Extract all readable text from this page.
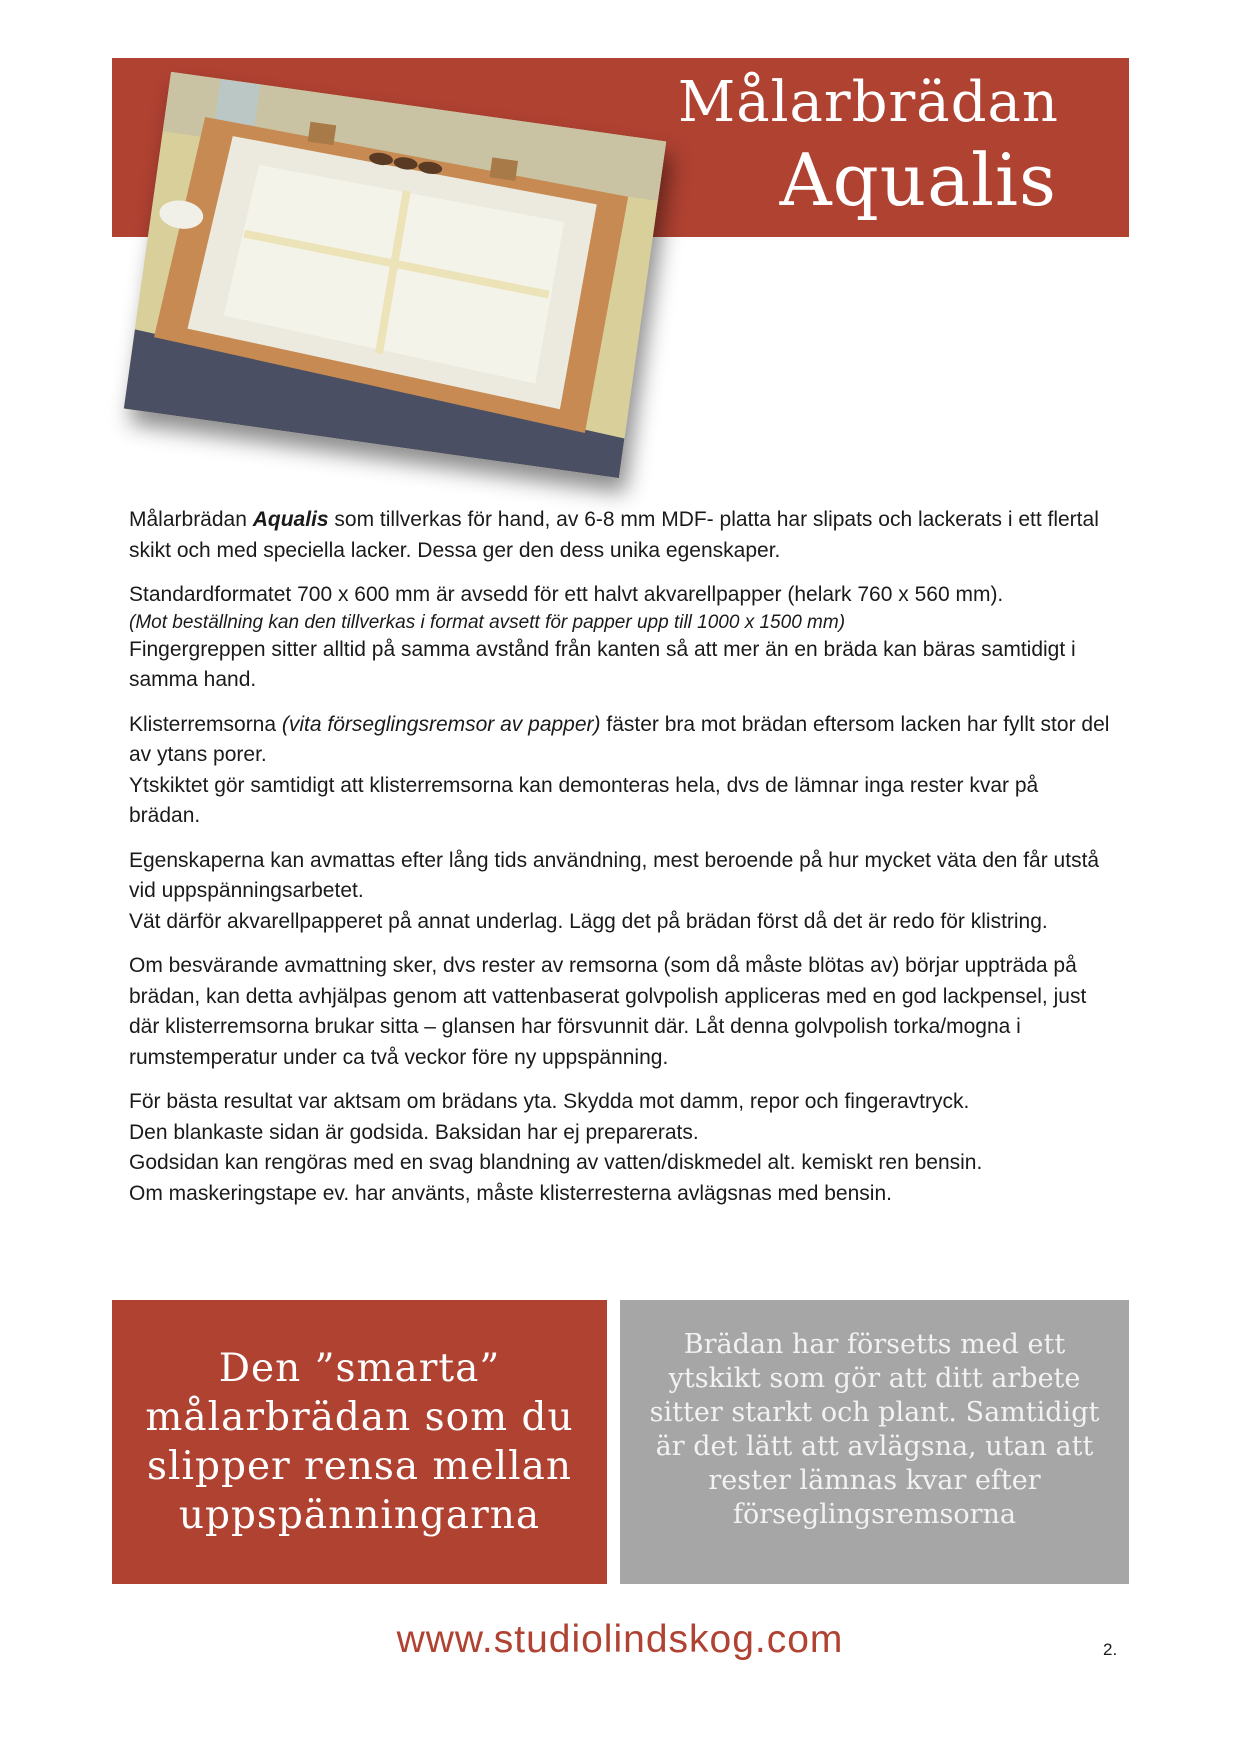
Målarbrädan
Aqualis

Målarbrädan Aqualis som tillverkas för hand, av 6-8 mm MDF- platta har slipats och lackerats i ett flertal skikt och med speciella lacker. Dessa ger den dess unika egenskaper.

Standardformatet 700 x 600 mm är avsedd för ett halvt akvarellpapper (helark 760 x 560 mm).
(Mot beställning kan den tillverkas i format avsett för papper upp till 1000 x 1500 mm)
Fingergreppen sitter alltid på samma avstånd från kanten så att mer än en bräda kan bäras samtidigt i samma hand.

Klisterremsorna (vita förseglingsremsor av papper) fäster bra mot brädan eftersom lacken har fyllt stor del av ytans porer.
Ytskiktet gör samtidigt att klisterremsorna kan demonteras hela, dvs de lämnar inga rester kvar på brädan.

Egenskaperna kan avmattas efter lång tids användning, mest beroende på hur mycket väta den får utstå vid uppspänningsarbetet.
Vät därför akvarellpapperet på annat underlag. Lägg det på brädan först då det är redo för klistring.

Om besvärande avmattning sker, dvs rester av remsorna (som då måste blötas av) börjar uppträda på brädan, kan detta avhjälpas genom att vattenbaserat golvpolish appliceras med en god lackpensel, just där klisterremsorna brukar sitta – glansen har försvunnit där. Låt denna golvpolish torka/mogna i rumstemperatur under ca två veckor före ny uppspänning.

För bästa resultat var aktsam om brädans yta. Skydda mot damm, repor och fingeravtryck.
Den blankaste sidan är godsida. Baksidan har ej preparerats.
Godsidan kan rengöras med en svag blandning av vatten/diskmedel alt. kemiskt ren bensin.
Om maskeringstape ev. har använts, måste klisterresterna avlägsnas med bensin.

Den ”smarta” målarbrädan som du slipper rensa mellan uppspänningarna
Brädan har försetts med ett ytskikt som gör att ditt arbete sitter starkt och plant. Samtidigt är det lätt att avlägsna, utan att rester lämnas kvar efter förseglingsremsorna
www.studiolindskog.com	2.
